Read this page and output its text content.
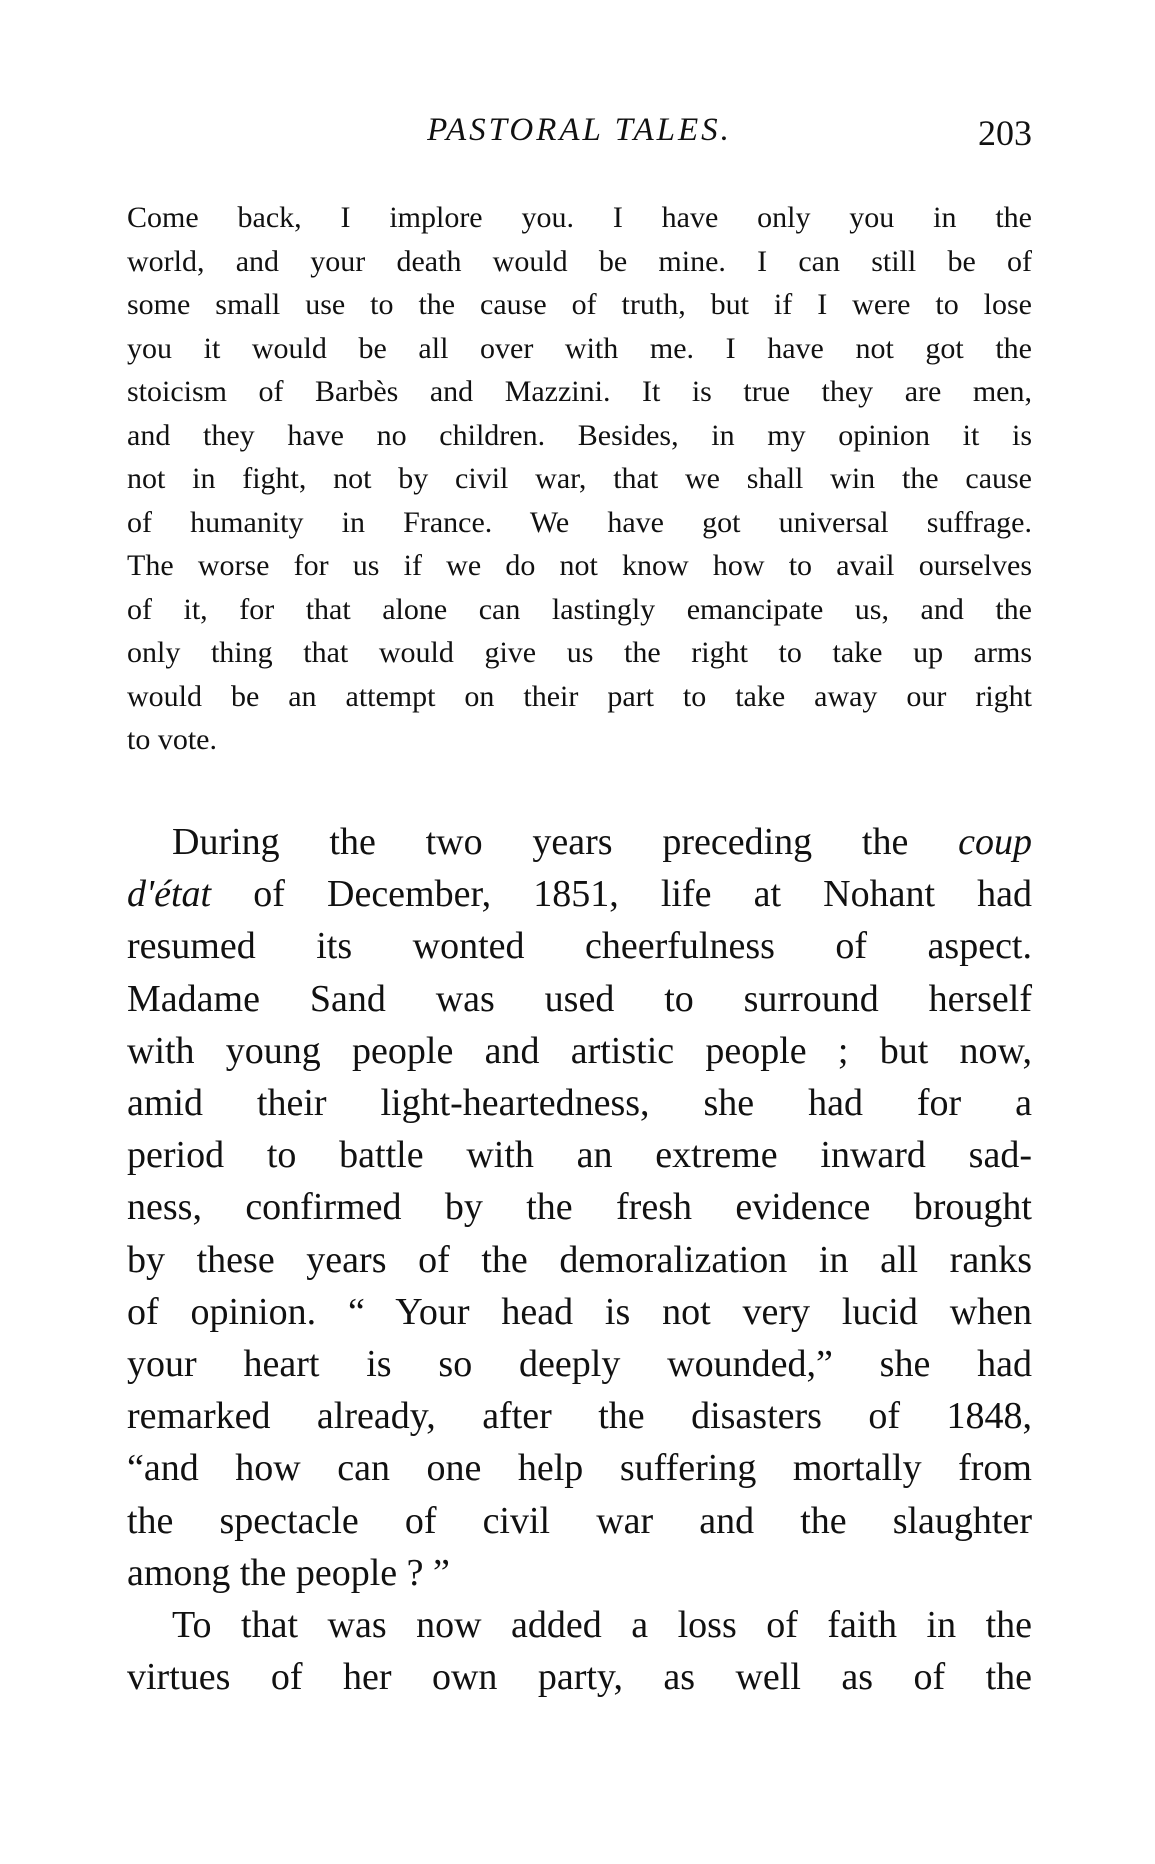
PASTORAL TALES.	203
Come back, I implore you. I have only you in the
world, and your death would be mine. I can still be of
some small use to the cause of truth, but if I were to lose
you it would be all over with me. I have not got the
stoicism of Barbès and Mazzini. It is true they are men,
and they have no children. Besides, in my opinion it is
not in fight, not by civil war, that we shall win the cause
of humanity in France. We have got universal suffrage.
The worse for us if we do not know how to avail ourselves
of it, for that alone can lastingly emancipate us, and the
only thing that would give us the right to take up arms
would be an attempt on their part to take away our right
to vote.

During the two years preceding the coup
d'état of December, 1851, life at Nohant had
resumed its wonted cheerfulness of aspect.
Madame Sand was used to surround herself
with young people and artistic people ; but now,
amid their light-heartedness, she had for a
period to battle with an extreme inward sad-
ness, confirmed by the fresh evidence brought
by these years of the demoralization in all ranks
of opinion. “ Your head is not very lucid when
your heart is so deeply wounded,” she had
remarked already, after the disasters of 1848,
“and how can one help suffering mortally from
the spectacle of civil war and the slaughter
among the people ? ”

To that was now added a loss of faith in the
virtues of her own party, as well as of the
